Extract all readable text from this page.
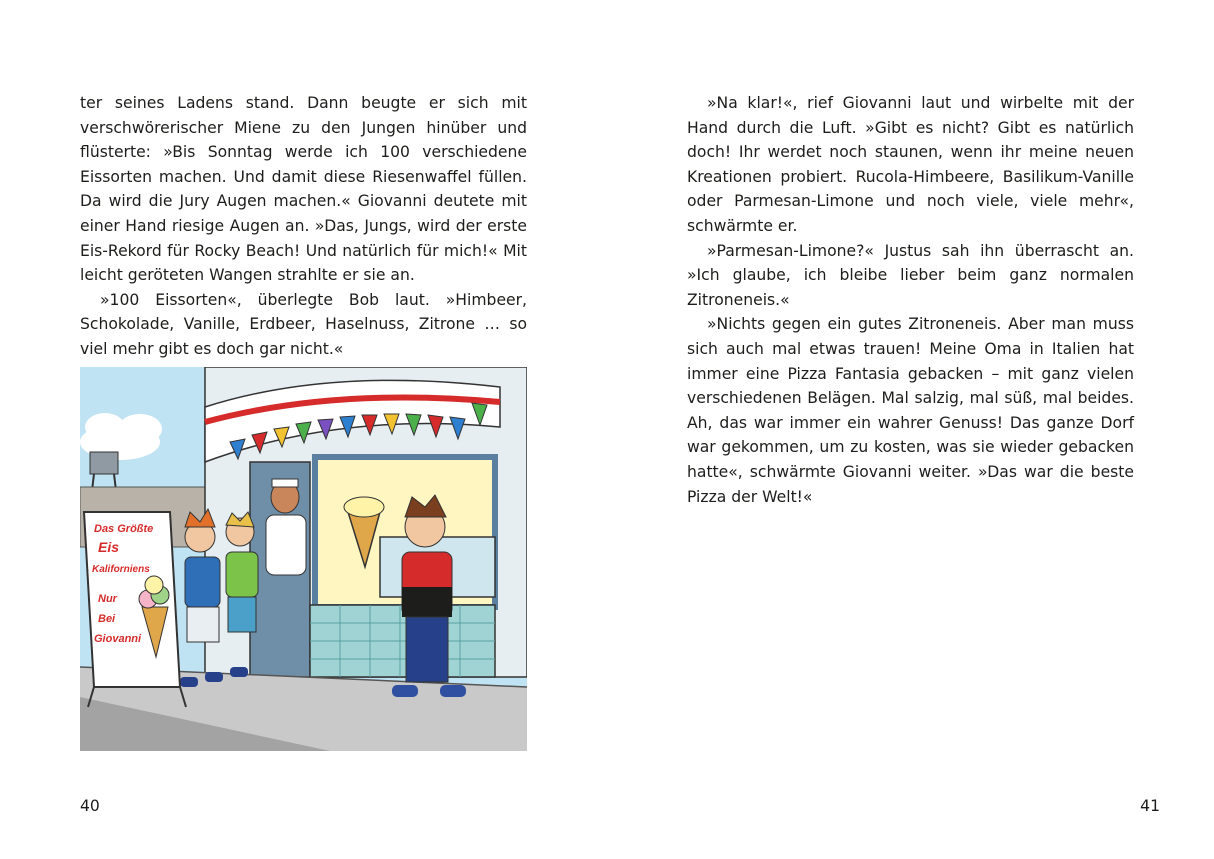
ter seines Ladens stand. Dann beugte er sich mit verschwörerischer Miene zu den Jungen hinüber und flüsterte: »Bis Sonntag werde ich 100 verschiedene Eissorten machen. Und damit diese Riesenwaffel füllen. Da wird die Jury Augen machen.« Giovanni deutete mit einer Hand riesige Augen an. »Das, Jungs, wird der erste Eis-Rekord für Rocky Beach! Und natürlich für mich!« Mit leicht geröteten Wangen strahlte er sie an.

»100 Eissorten«, überlegte Bob laut. »Himbeer, Schokolade, Vanille, Erdbeer, Haselnuss, Zitrone … so viel mehr gibt es doch gar nicht.«

Das Größte
Eis
Kaliforniens
Nur
Bei
Giovanni
40

»Na klar!«, rief Giovanni laut und wirbelte mit der Hand durch die Luft. »Gibt es nicht? Gibt es natürlich doch! Ihr werdet noch staunen, wenn ihr meine neuen Kreationen probiert. Rucola-Himbeere, Basilikum-Vanille oder Parmesan-Limone und noch viele, viele mehr«, schwärmte er.

»Parmesan-Limone?« Justus sah ihn überrascht an. »Ich glaube, ich bleibe lieber beim ganz normalen Zitroneneis.«

»Nichts gegen ein gutes Zitroneneis. Aber man muss sich auch mal etwas trauen! Meine Oma in Italien hat immer eine Pizza Fantasia gebacken – mit ganz vielen verschiedenen Belägen. Mal salzig, mal süß, mal beides. Ah, das war immer ein wahrer Genuss! Das ganze Dorf war gekommen, um zu kosten, was sie wieder gebacken hatte«, schwärmte Giovanni weiter. »Das war die beste Pizza der Welt!«

41
